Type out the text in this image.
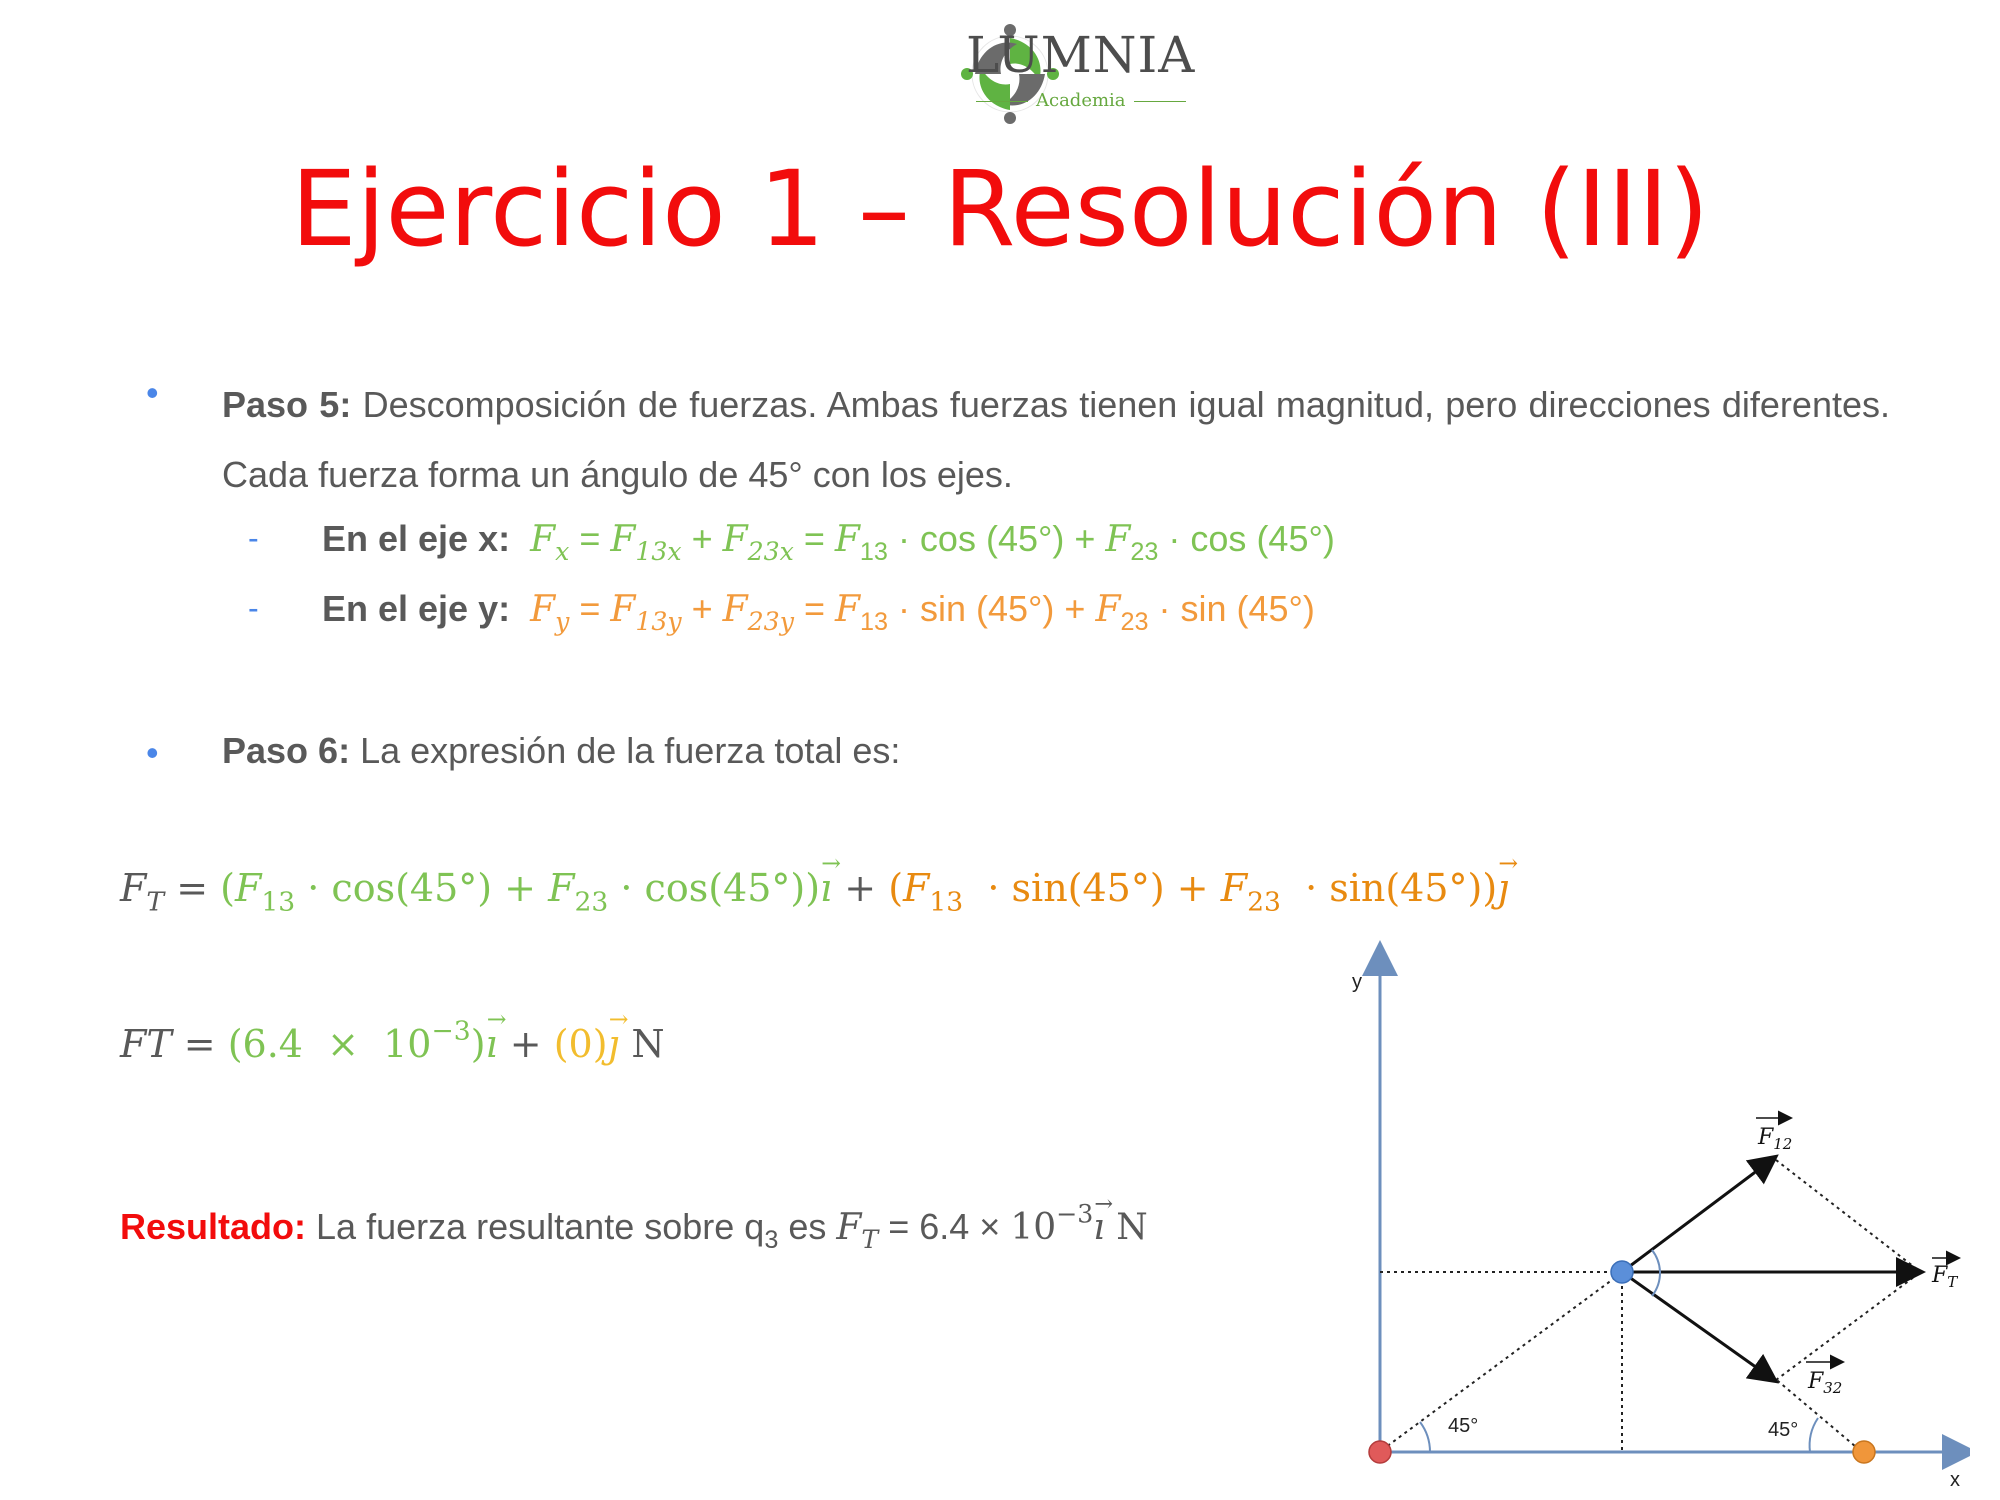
LUMNIA
Academia
Ejercicio 1 – Resolución (III)
• Paso 5: Descomposición de fuerzas. Ambas fuerzas tienen igual magnitud, pero direcciones diferentes. Cada fuerza forma un ángulo de 45° con los ejes.
- En el eje x: $F_x = F_{13x} + F_{23x} = F_{13} \cdot \cos (45^\circ) + F_{23} \cdot \cos (45^\circ)$
- En el eje y: $F_y = F_{13y} + F_{23y} = F_{13} \cdot \sin (45^\circ) + F_{23} \cdot \sin (45^\circ)$
• Paso 6: La expresión de la fuerza total es:
$F_T = (F_{13} \cdot \cos(45^\circ) + F_{23} \cdot \cos(45^\circ))\to$ ı + $(F_{13} \cdot \sin(45^\circ) + F_{23} \cdot \sin(45^\circ))\to$ ȷ
FT = $(6.4 \times 10^{-3})\to$ ı + (0)→ ȷ N
Resultado: La fuerza resultante sobre $q_3$ es $F_T = 6.4 \times 10^{-3}\to$ ı N
y
x
45°	45°
$F_{12}$
$F_T$
$F_{32}$
